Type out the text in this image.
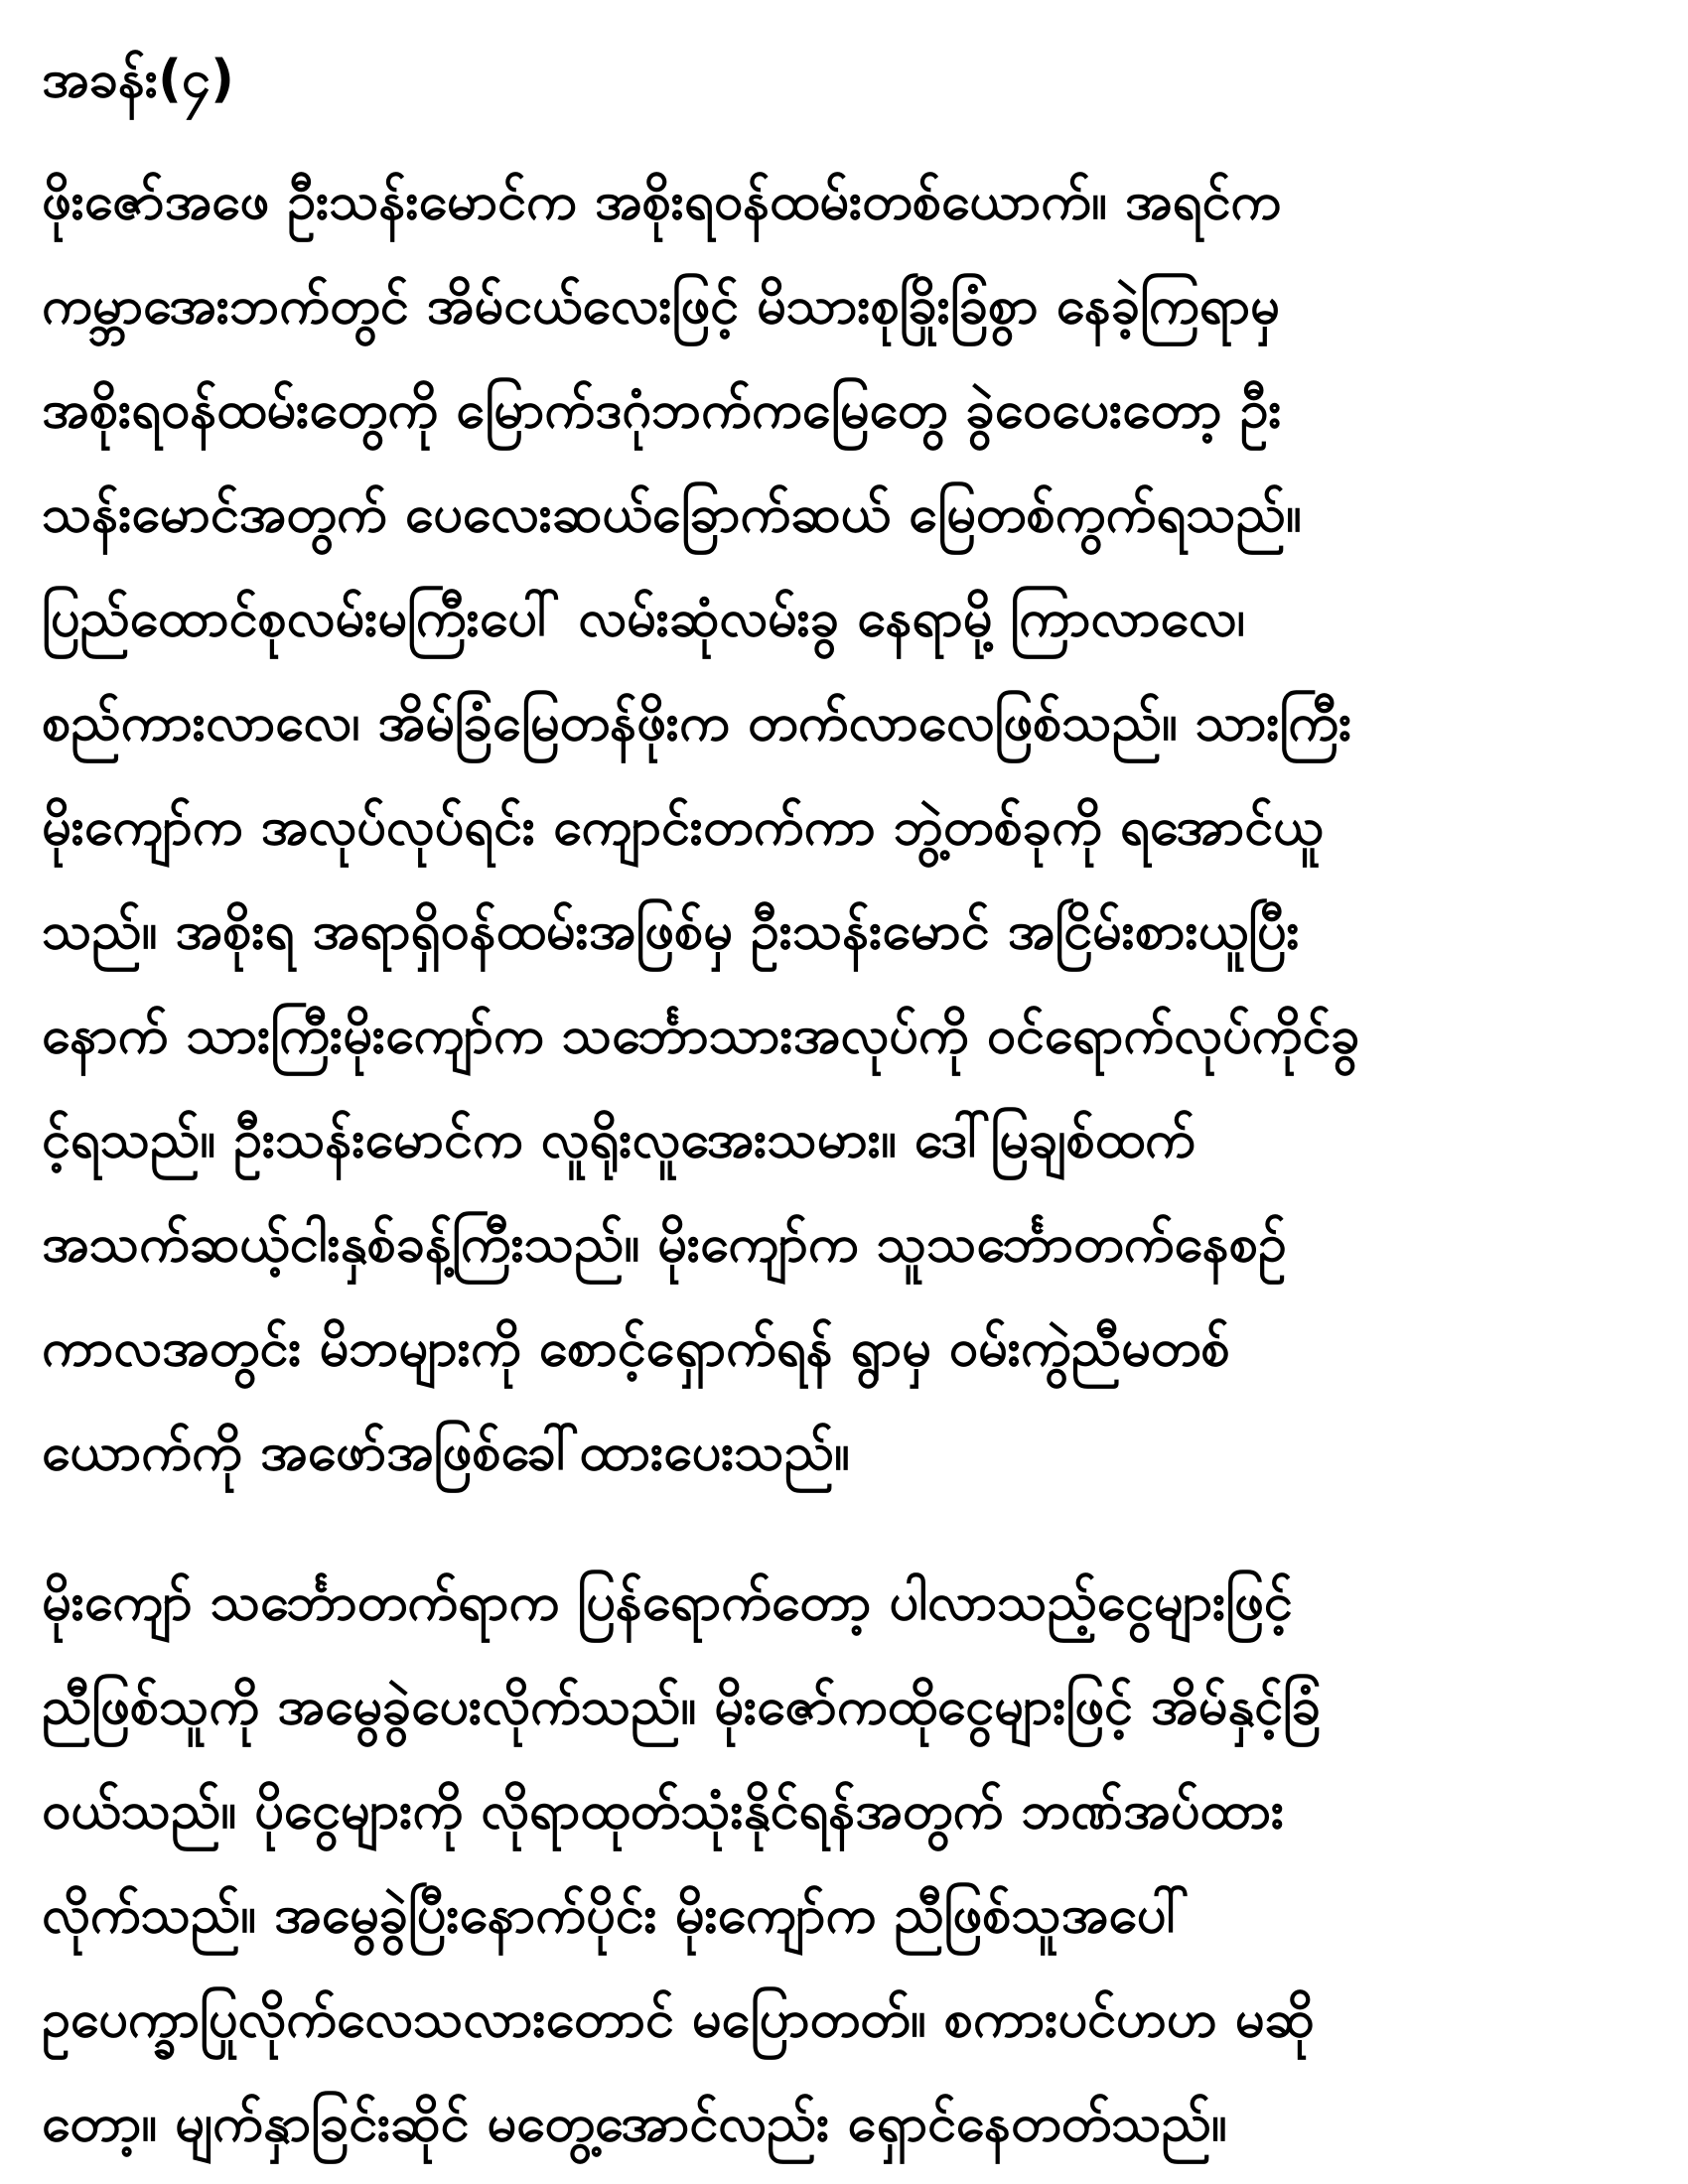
အခန်း(၄)
ဖိုးဇော်အဖေ ဦးသန်းမောင်က အစိုးရဝန်ထမ်းတစ်ယောက်။ အရင်က
ကမ္ဘာအေးဘက်တွင် အိမ်ငယ်လေးဖြင့် မိသားစုခြိုးခြံစွာ နေခဲ့ကြရာမှ
အစိုးရဝန်ထမ်းတွေကို မြောက်ဒဂုံဘက်ကမြေတွေ ခွဲဝေပေးတော့ ဦး
သန်းမောင်အတွက် ပေလေးဆယ်ခြောက်ဆယ် မြေတစ်ကွက်ရသည်။
ပြည်ထောင်စုလမ်းမကြီးပေါ် လမ်းဆုံလမ်းခွ နေရာမို့ ကြာလာလေ၊
စည်ကားလာလေ၊ အိမ်ခြံမြေတန်ဖိုးက တက်လာလေဖြစ်သည်။ သားကြီး
မိုးကျော်က အလုပ်လုပ်ရင်း ကျောင်းတက်ကာ ဘွဲ့တစ်ခုကို ရအောင်ယူ
သည်။ အစိုးရ အရာရှိဝန်ထမ်းအဖြစ်မှ ဦးသန်းမောင် အငြိမ်းစားယူပြီး
နောက် သားကြီးမိုးကျော်က သင်္ဘောသားအလုပ်ကို ဝင်ရောက်လုပ်ကိုင်ခွ
င့်ရသည်။ ဦးသန်းမောင်က လူရိုးလူအေးသမား။ ဒေါ်မြချစ်ထက်
အသက်ဆယ့်ငါးနှစ်ခန့်ကြီးသည်။ မိုးကျော်က သူသင်္ဘောတက်နေစဉ်
ကာလအတွင်း မိဘများကို စောင့်ရှောက်ရန် ရွာမှ ဝမ်းကွဲညီမတစ်
ယောက်ကို အဖော်အဖြစ်ခေါ်ထားပေးသည်။
မိုးကျော် သင်္ဘောတက်ရာက ပြန်ရောက်တော့ ပါလာသည့်ငွေများဖြင့်
ညီဖြစ်သူကို အမွေခွဲပေးလိုက်သည်။ မိုးဇော်ကထိုငွေများဖြင့် အိမ်နှင့်ခြံ
ဝယ်သည်။ ပိုငွေများကို လိုရာထုတ်သုံးနိုင်ရန်အတွက် ဘဏ်အပ်ထား
လိုက်သည်။ အမွေခွဲပြီးနောက်ပိုင်း မိုးကျော်က ညီဖြစ်သူအပေါ်
ဥပေက္ခာပြုလိုက်လေသလားတောင် မပြောတတ်။ စကားပင်ဟဟ မဆို
တော့။ မျက်နှာခြင်းဆိုင် မတွေ့အောင်လည်း ရှောင်နေတတ်သည်။
